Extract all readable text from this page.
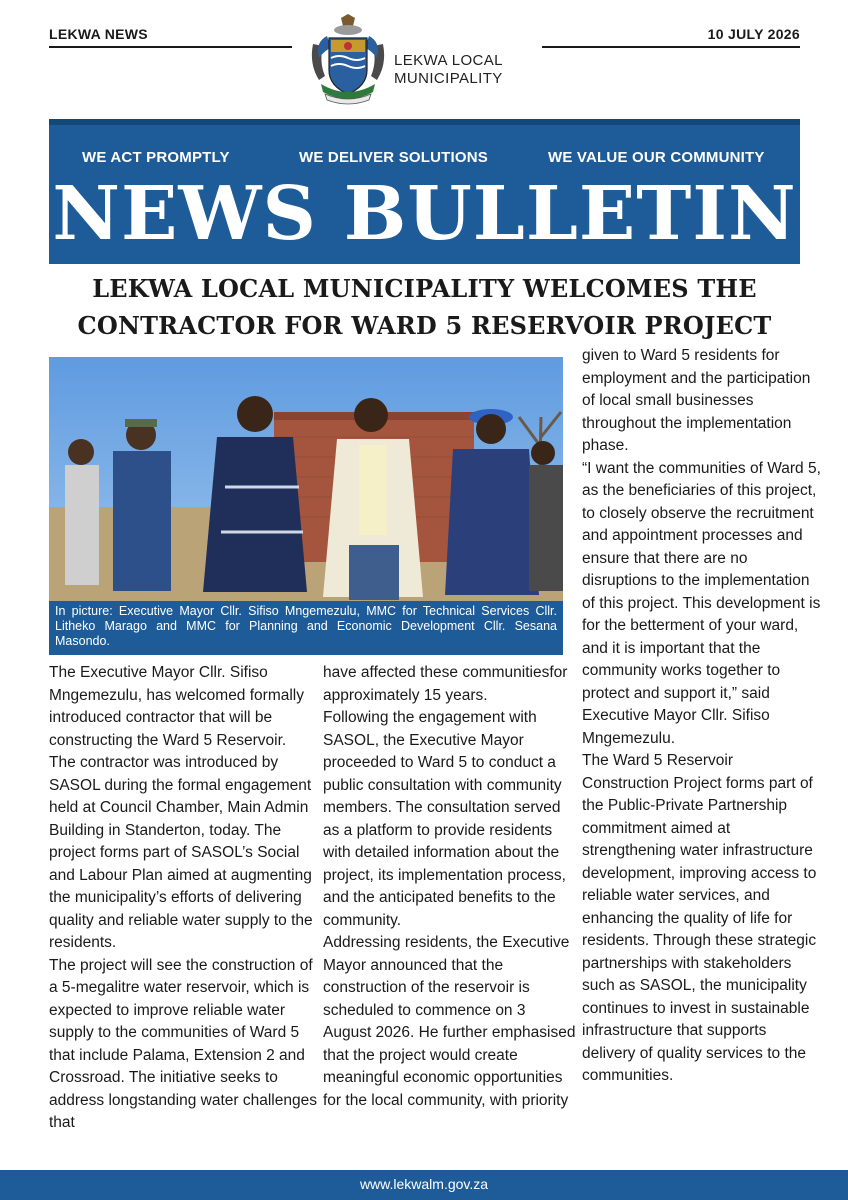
LEKWA NEWS	10 JULY 2026
LEKWA LOCAL
MUNICIPALITY
WE ACT PROMPTLY	WE DELIVER SOLUTIONS	WE VALUE OUR COMMUNITY
NEWS BULLETIN
LEKWA LOCAL MUNICIPALITY WELCOMES THE
CONTRACTOR FOR WARD 5 RESERVOIR PROJECT
In picture: Executive Mayor Cllr. Sifiso Mngemezulu, MMC for Technical Services Cllr. Litheko Marago and MMC for Planning and Economic Development Cllr. Sesana Masondo.

The Executive Mayor Cllr. Sifiso Mngemezulu, has welcomed formally introduced contractor that will be constructing the Ward 5 Reservoir.

The contractor was introduced by SASOL during the formal engagement held at Council Chamber, Main Admin Building in Standerton, today. The project forms part of SASOL’s Social and Labour Plan aimed at augmenting the municipality’s efforts of delivering quality and reliable water supply to the residents.

The project will see the construction of a 5-megalitre water reservoir, which is expected to improve reliable water supply to the communities of Ward 5 that include Palama, Extension 2 and Crossroad. The initiative seeks to address longstanding water challenges that

have affected these communitiesfor approximately 15 years.

Following the engagement with SASOL, the Executive Mayor proceeded to Ward 5 to conduct a public consultation with community members. The consultation served as a platform to provide residents with detailed information about the project, its implementation process, and the anticipated benefits to the community.

Addressing residents, the Executive Mayor announced that the construction of the reservoir is scheduled to commence on 3 August 2026. He further emphasised that the project would create meaningful economic opportunities for the local community, with priority

given to Ward 5 residents for employment and the participation of local small businesses throughout the implementation phase.

“I want the communities of Ward 5, as the beneficiaries of this project, to closely observe the recruitment and appointment processes and ensure that there are no disruptions to the implementation of this project. This development is for the betterment of your ward, and it is important that the community works together to protect and support it,” said Executive Mayor Cllr. Sifiso Mngemezulu.

The Ward 5 Reservoir Construction Project forms part of the Public-Private Partnership commitment aimed at strengthening water infrastructure development, improving access to reliable water services, and enhancing the quality of life for residents. Through these strategic partnerships with stakeholders such as SASOL, the municipality continues to invest in sustainable infrastructure that supports delivery of quality services to the communities.

www.lekwalm.gov.za
